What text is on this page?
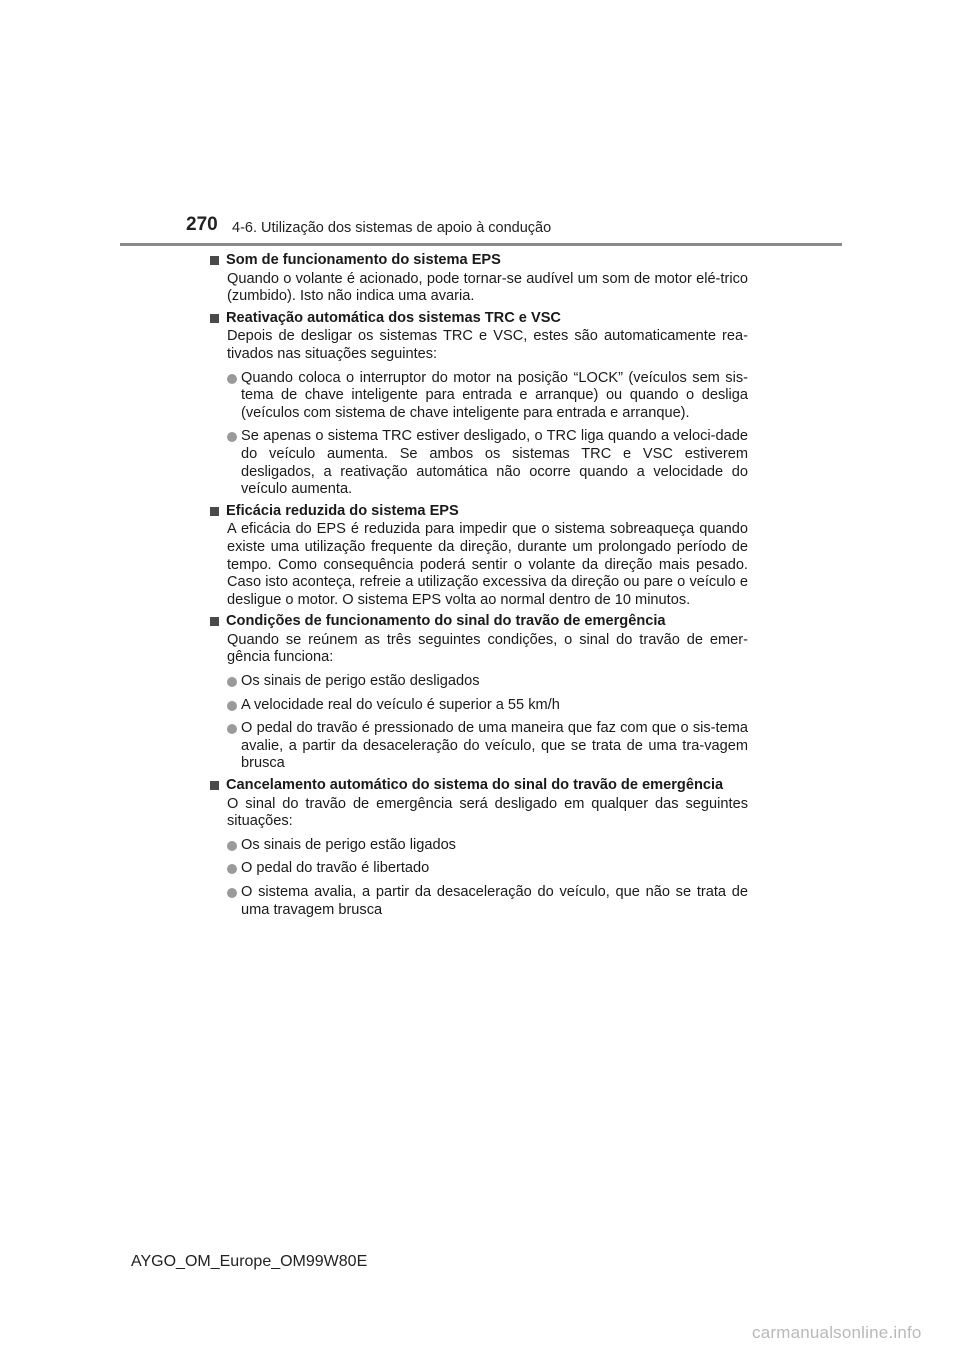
270 4-6. Utilização dos sistemas de apoio à condução
Som de funcionamento do sistema EPS
Quando o volante é acionado, pode tornar-se audível um som de motor elé-trico (zumbido). Isto não indica uma avaria.
Reativação automática dos sistemas TRC e VSC
Depois de desligar os sistemas TRC e VSC, estes são automaticamente rea-tivados nas situações seguintes:
Quando coloca o interruptor do motor na posição “LOCK” (veículos sem sis-tema de chave inteligente para entrada e arranque) ou quando o desliga (veículos com sistema de chave inteligente para entrada e arranque).
Se apenas o sistema TRC estiver desligado, o TRC liga quando a veloci-dade do veículo aumenta. Se ambos os sistemas TRC e VSC estiverem desligados, a reativação automática não ocorre quando a velocidade do veículo aumenta.
Eficácia reduzida do sistema EPS
A eficácia do EPS é reduzida para impedir que o sistema sobreaqueça quando existe uma utilização frequente da direção, durante um prolongado período de tempo. Como consequência poderá sentir o volante da direção mais pesado. Caso isto aconteça, refreie a utilização excessiva da direção ou pare o veículo e desligue o motor. O sistema EPS volta ao normal dentro de 10 minutos.
Condições de funcionamento do sinal do travão de emergência
Quando se reúnem as três seguintes condições, o sinal do travão de emer-gência funciona:
Os sinais de perigo estão desligados
A velocidade real do veículo é superior a 55 km/h
O pedal do travão é pressionado de uma maneira que faz com que o sis-tema avalie, a partir da desaceleração do veículo, que se trata de uma tra-vagem brusca
Cancelamento automático do sistema do sinal do travão de emergência
O sinal do travão de emergência será desligado em qualquer das seguintes situações:
Os sinais de perigo estão ligados
O pedal do travão é libertado
O sistema avalia, a partir da desaceleração do veículo, que não se trata de uma travagem brusca
AYGO_OM_Europe_OM99W80E
carmanualsonline.info
